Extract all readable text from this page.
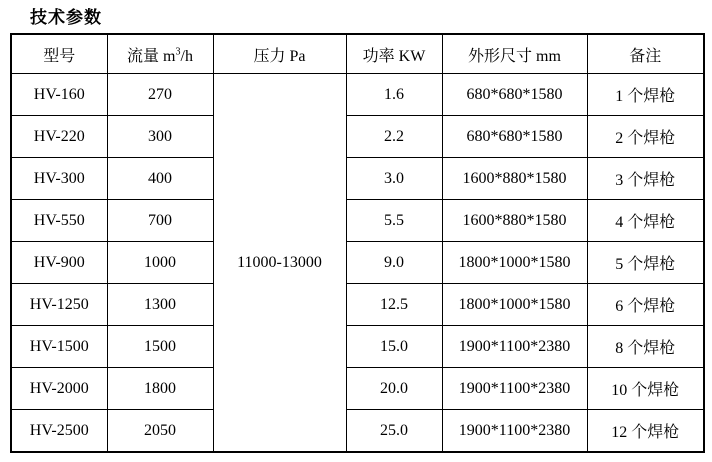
技术参数
型号	流量 $m^3/h$	压力 Pa	功率 KW	外形尺寸 mm	备注
HV-160	270	11000-13000	1.6	680*680*1580	1 个焊枪
HV-220	300		2.2	680*680*1580	2 个焊枪
HV-300	400		3.0	1600*880*1580	3 个焊枪
HV-550	700		5.5	1600*880*1580	4 个焊枪
HV-900	1000		9.0	1800*1000*1580	5 个焊枪
HV-1250	1300		12.5	1800*1000*1580	6 个焊枪
HV-1500	1500		15.0	1900*1100*2380	8 个焊枪
HV-2000	1800		20.0	1900*1100*2380	10 个焊枪
HV-2500	2050		25.0	1900*1100*2380	12 个焊枪
